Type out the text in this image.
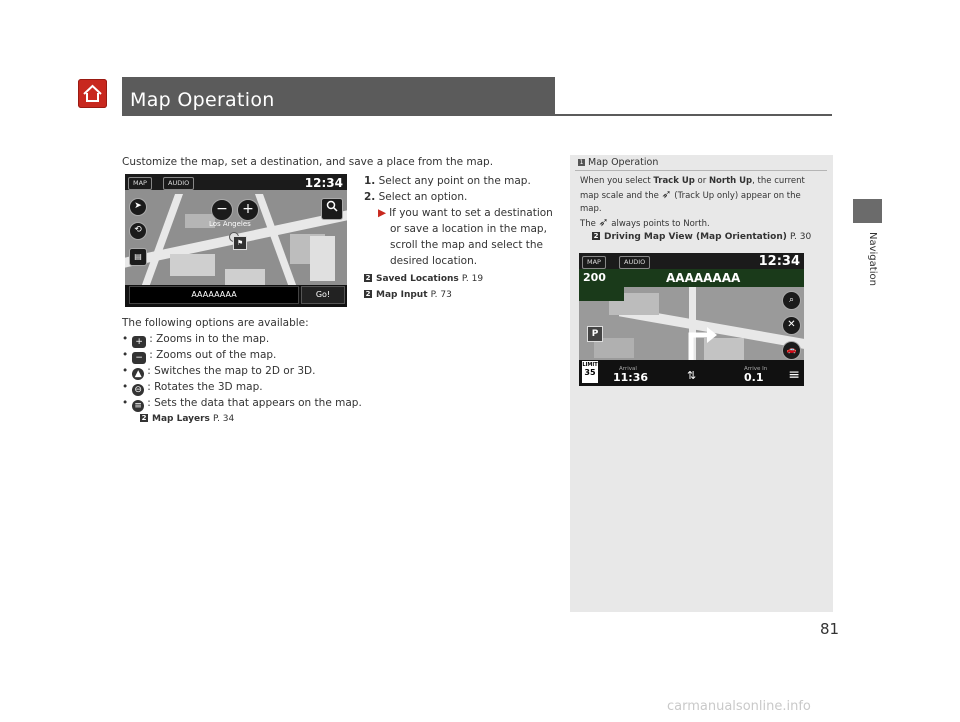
Map Operation
Navigation
Customize the map, set a destination, and save a place from the map.
MAP	AUDIO	12:34
−	+
➤
⟲
▤
Los Angeles
⚑
AAAAAAAA	Go!
1. Select any point on the map.
2. Select an option.
▶ If you want to set a destination
or save a location in the map,
scroll the map and select the
desired location.
2 Saved Locations P. 19
2 Map Input P. 73
The following options are available:
• + : Zooms in to the map.
• − : Zooms out of the map.
• ▲ : Switches the map to 2D or 3D.
• ⊖ : Rotates the 3D map.
• ≡ : Sets the data that appears on the map.
2 Map Layers P. 34
1 Map Operation
When you select Track Up or North Up, the current
map scale and the ➶ (Track Up only) appear on the
map.
The ➶ always points to North.
2 Driving Map View (Map Orientation) P. 30
MAP	AUDIO	12:34
200	AAAAAAAA
P
⌕
✕
🚗
LIMIT
35	Arrival
11:36	⇅	Arrive In
0.1 ≡
81
carmanualsonline.info
